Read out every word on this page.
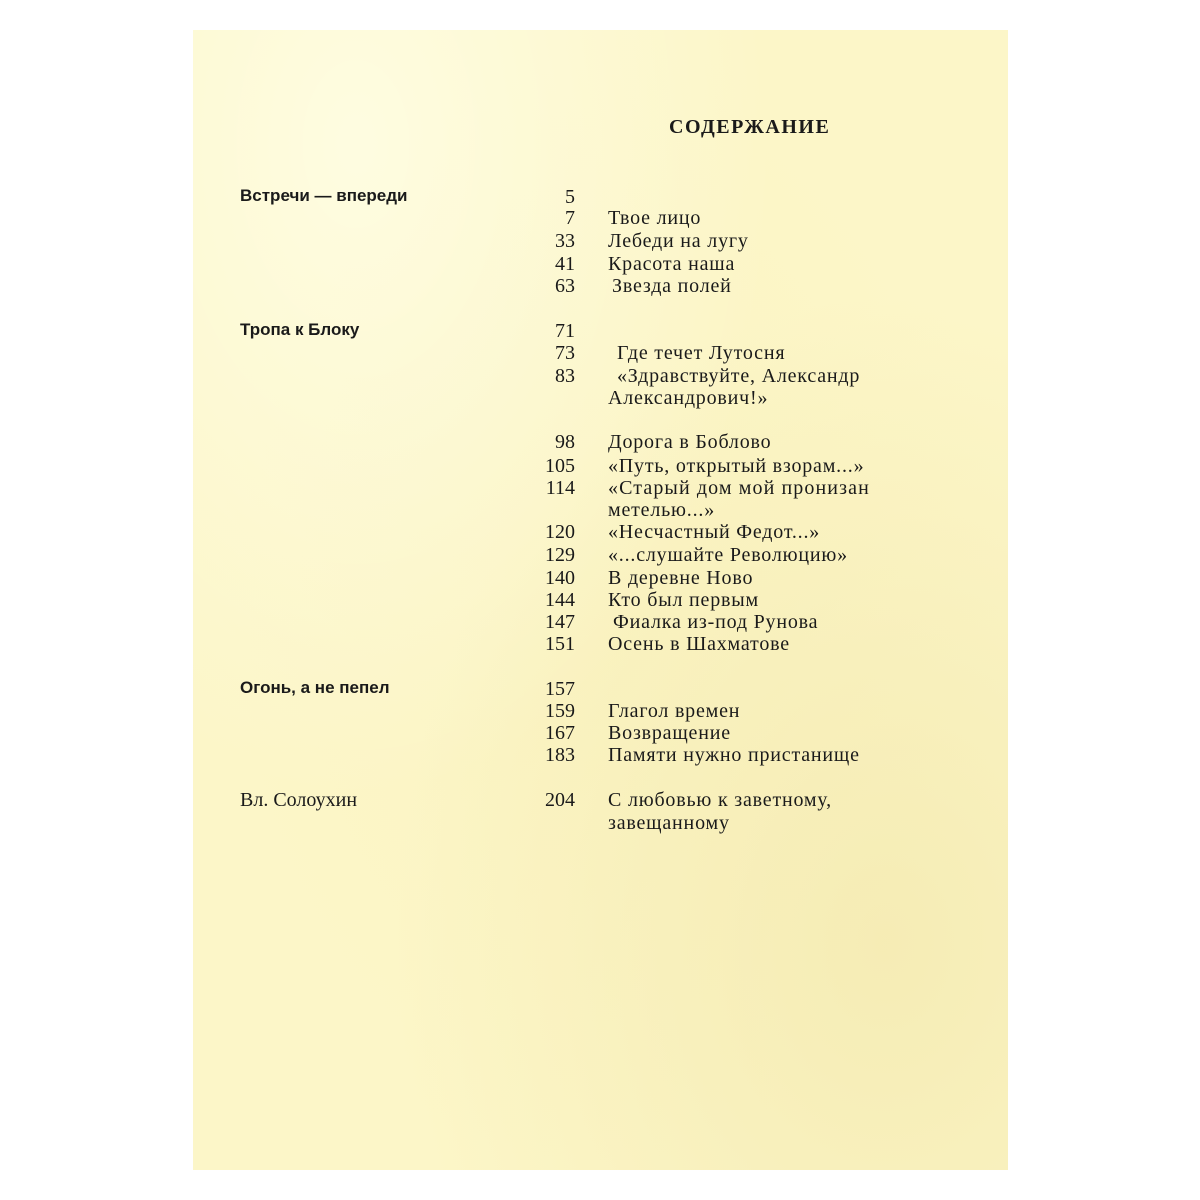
СОДЕРЖАНИЕ
Встречи — впереди	5
7 Твое лицо
33 Лебеди на лугу
41 Красота наша
63 Звезда полей
Тропа к Блоку	71
73 Где течет Лутосня
83 «Здравствуйте, Александр
Александрович!»
98 Дорога в Боблово
105 «Путь, открытый взорам...»
114 «Старый дом мой пронизан
метелью...»
120 «Несчастный Федот...»
129 «...слушайте Революцию»
140 В деревне Ново
144 Кто был первым
147 Фиалка из-под Рунова
151 Осень в Шахматове
Огонь, а не пепел	157
159 Глагол времен
167 Возвращение
183 Памяти нужно пристанище
Вл. Солоухин	204 С любовью к заветному,
завещанному
